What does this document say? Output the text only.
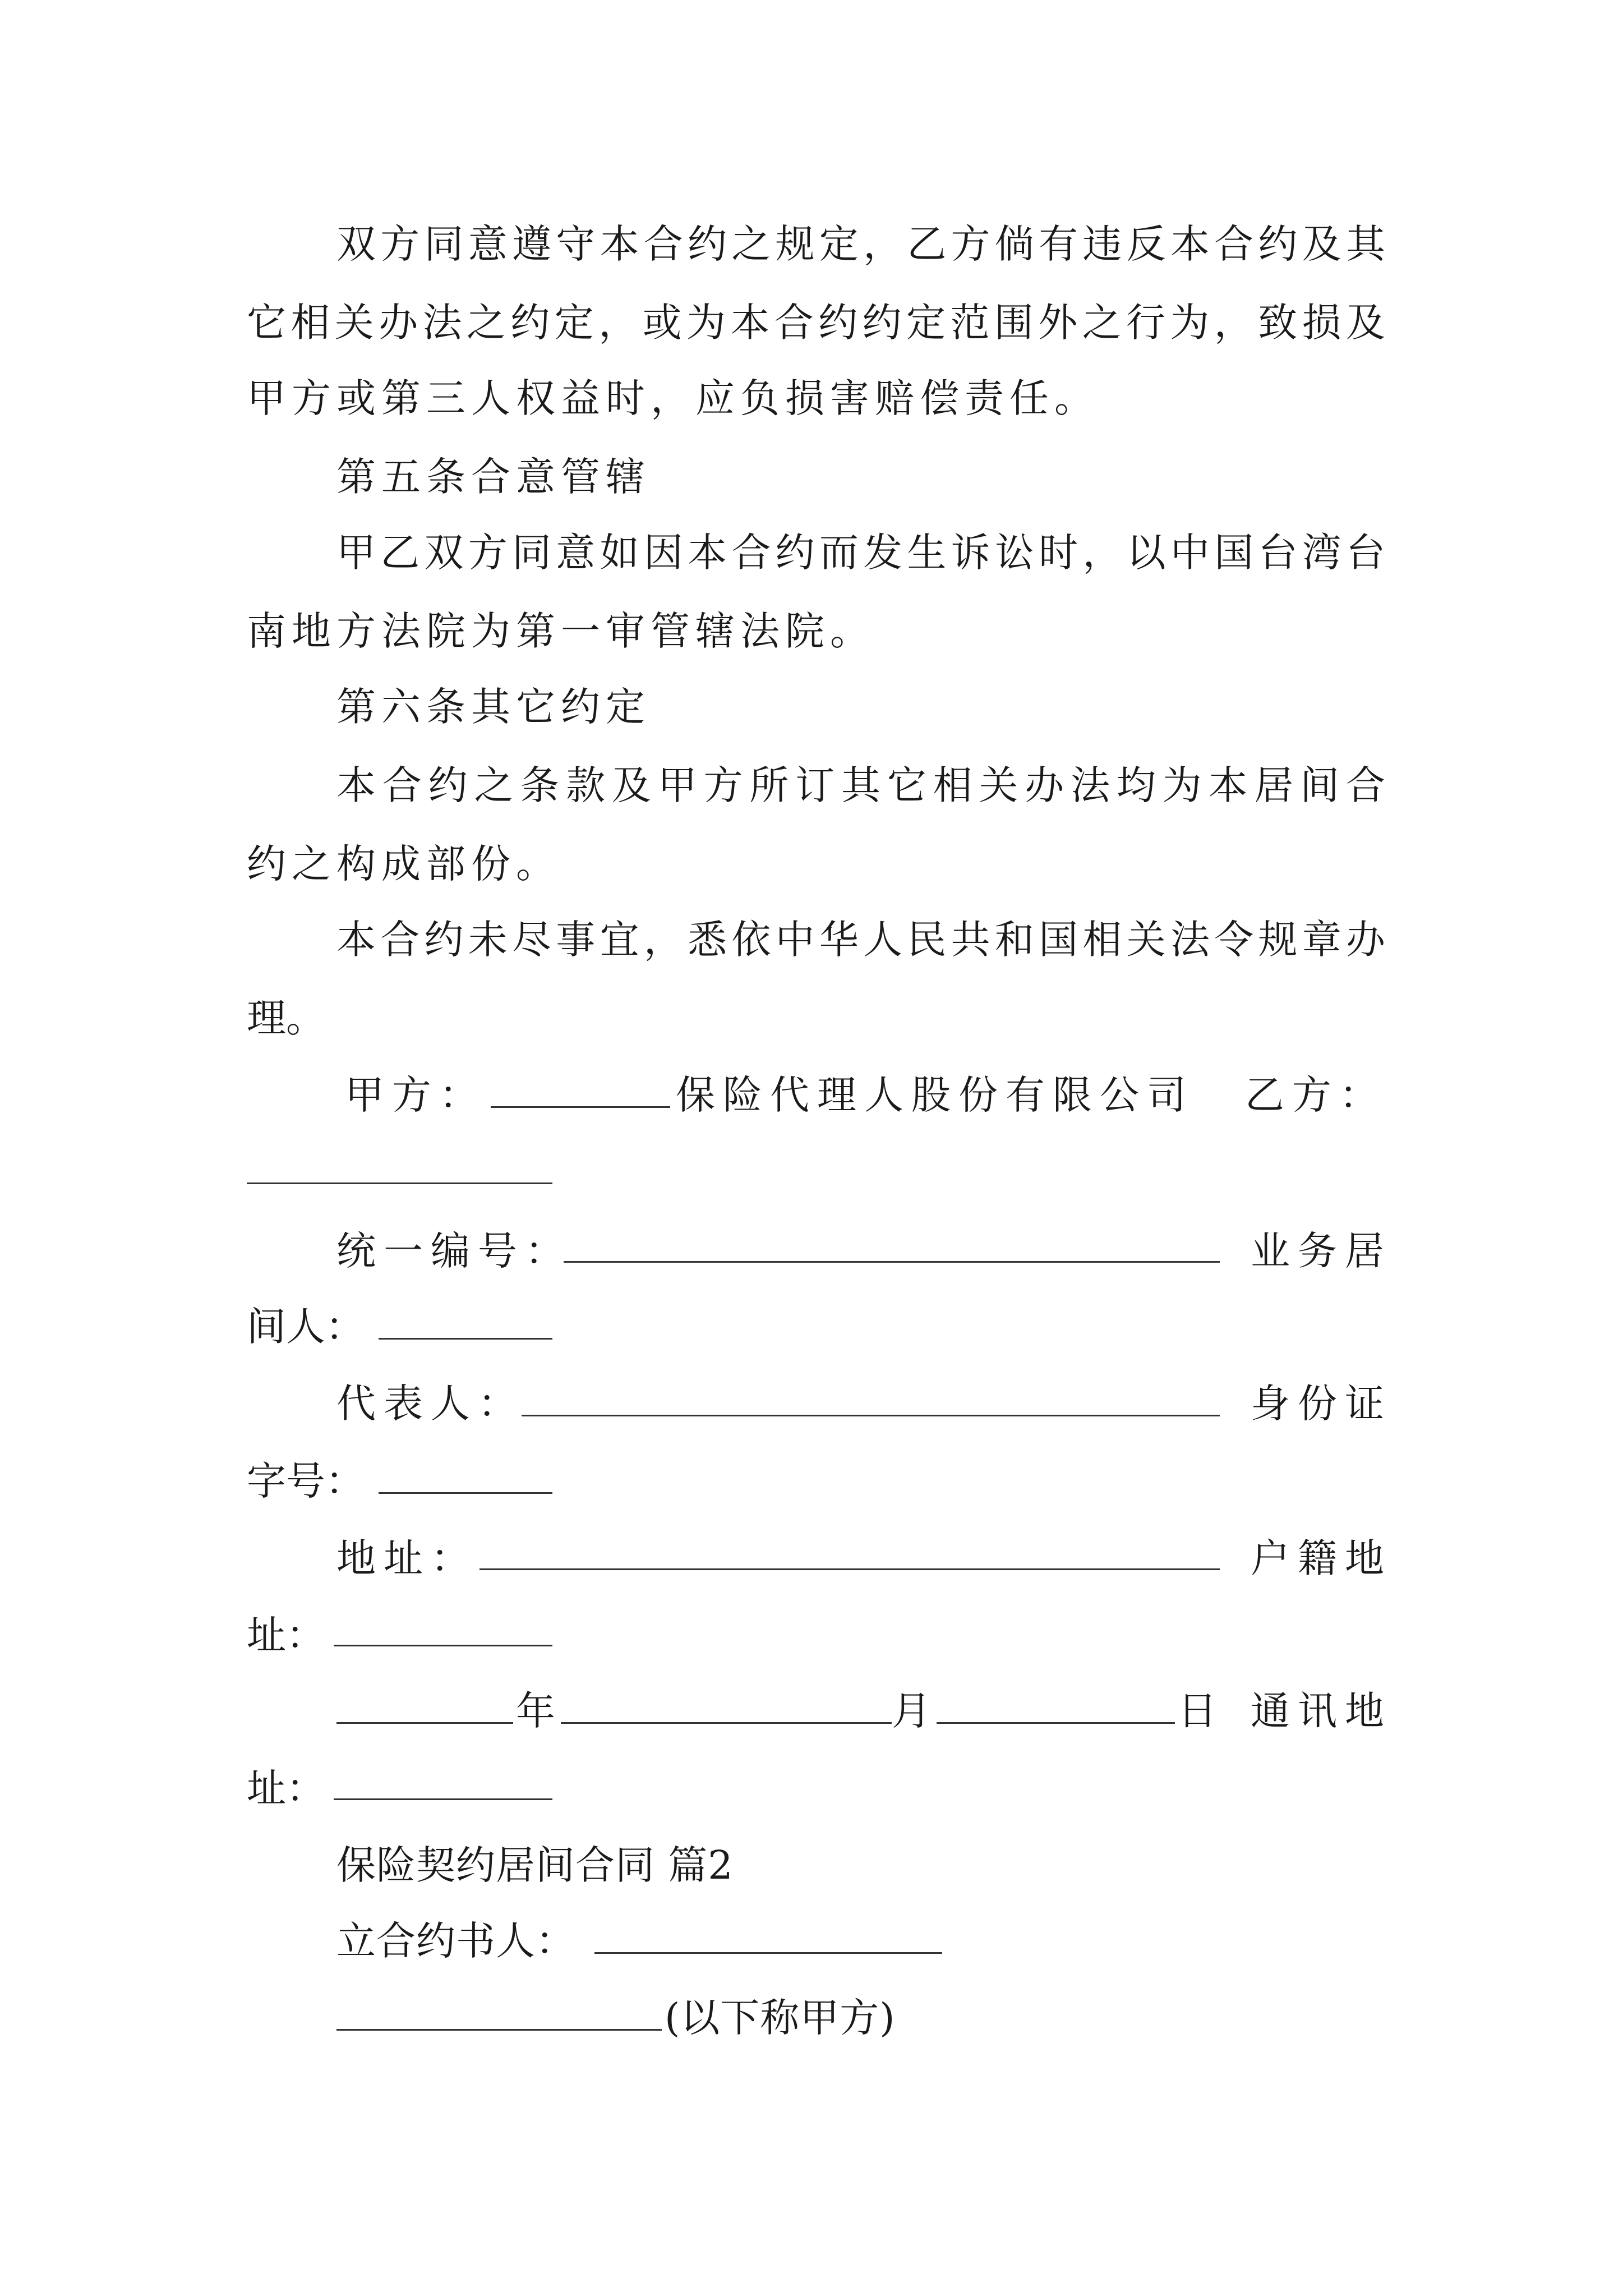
双方同意遵守本合约之规定，乙方倘有违反本合约及其
它相关办法之约定，或为本合约约定范围外之行为，致损及
甲方或第三人权益时，应负损害赔偿责任。
第五条合意管辖
甲乙双方同意如因本合约而发生诉讼时，以中国台湾台
南地方法院为第一审管辖法院。
第六条其它约定
本合约之条款及甲方所订其它相关办法均为本居间合
约之构成部份。
本合约未尽事宜，悉依中华人民共和国相关法令规章办
理。
甲方：	保险代理人股份有限公司 乙方：
统一编号：	业务居
间人：
代表人：	身份证
字号：
地址：	户籍地
址：
年	月	日 通讯地
址：
保险契约居间合同 篇2
立合约书人：
(以下称甲方)
